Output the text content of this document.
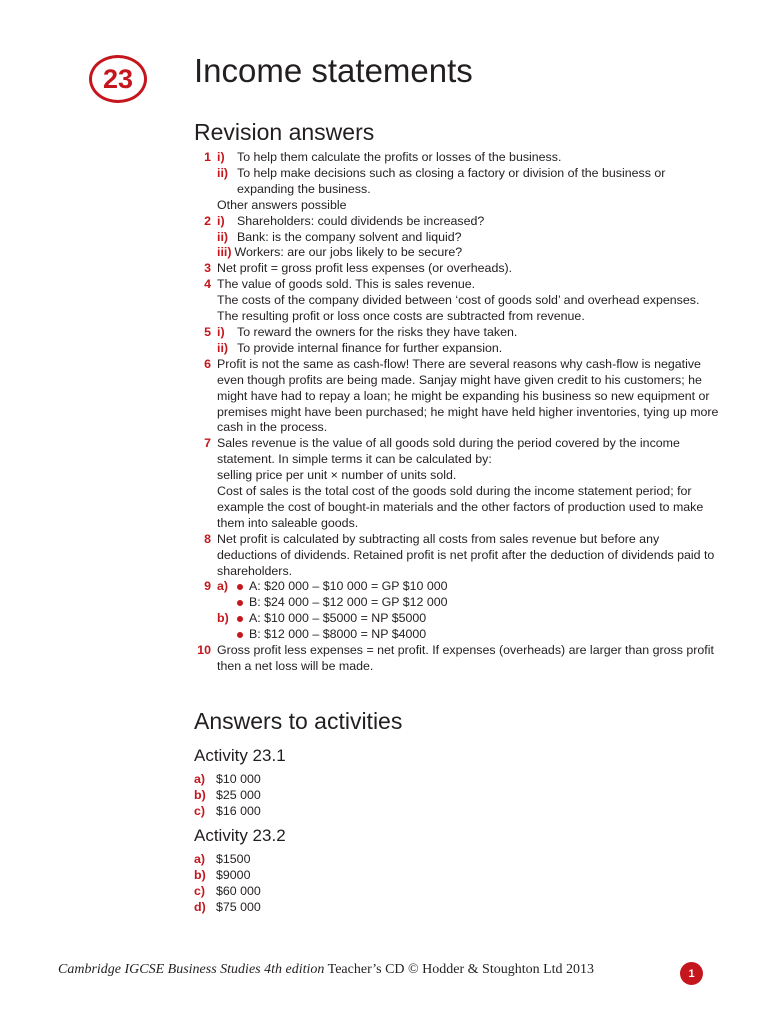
23 Income statements
Revision answers
1 i)	To help them calculate the profits or losses of the business.
ii) To help make decisions such as closing a factory or division of the business or expanding the business.
Other answers possible
2 i)	Shareholders: could dividends be increased?
ii) Bank: is the company solvent and liquid?
iii) Workers: are our jobs likely to be secure?
3 Net profit = gross profit less expenses (or overheads).
4 The value of goods sold. This is sales revenue.
The costs of the company divided between ‘cost of goods sold’ and overhead expenses.
The resulting profit or loss once costs are subtracted from revenue.
5 i)	To reward the owners for the risks they have taken.
ii) To provide internal finance for further expansion.
6 Profit is not the same as cash-flow! There are several reasons why cash-flow is negative even though profits are being made. Sanjay might have given credit to his customers; he might have had to repay a loan; he might be expanding his business so new equipment or premises might have been purchased; he might have held higher inventories, tying up more cash in the process.
7 Sales revenue is the value of all goods sold during the period covered by the income statement. In simple terms it can be calculated by:
selling price per unit × number of units sold.
Cost of sales is the total cost of the goods sold during the income statement period; for example the cost of bought-in materials and the other factors of production used to make them into saleable goods.
8 Net profit is calculated by subtracting all costs from sales revenue but before any deductions of dividends. Retained profit is net profit after the deduction of dividends paid to shareholders.
9 a)	A: $20 000 – $10 000 = GP $10 000
B: $24 000 – $12 000 = GP $12 000
b)	A: $10 000 – $5000 = NP $5000
B: $12 000 – $8000 = NP $4000
10 Gross profit less expenses = net profit. If expenses (overheads) are larger than gross profit then a net loss will be made.
Answers to activities
Activity 23.1
a) $10 000
b) $25 000
c) $16 000
Activity 23.2
a) $1500
b) $9000
c) $60 000
d) $75 000
Cambridge IGCSE Business Studies 4th edition Teacher’s CD © Hodder & Stoughton Ltd 2013	1
